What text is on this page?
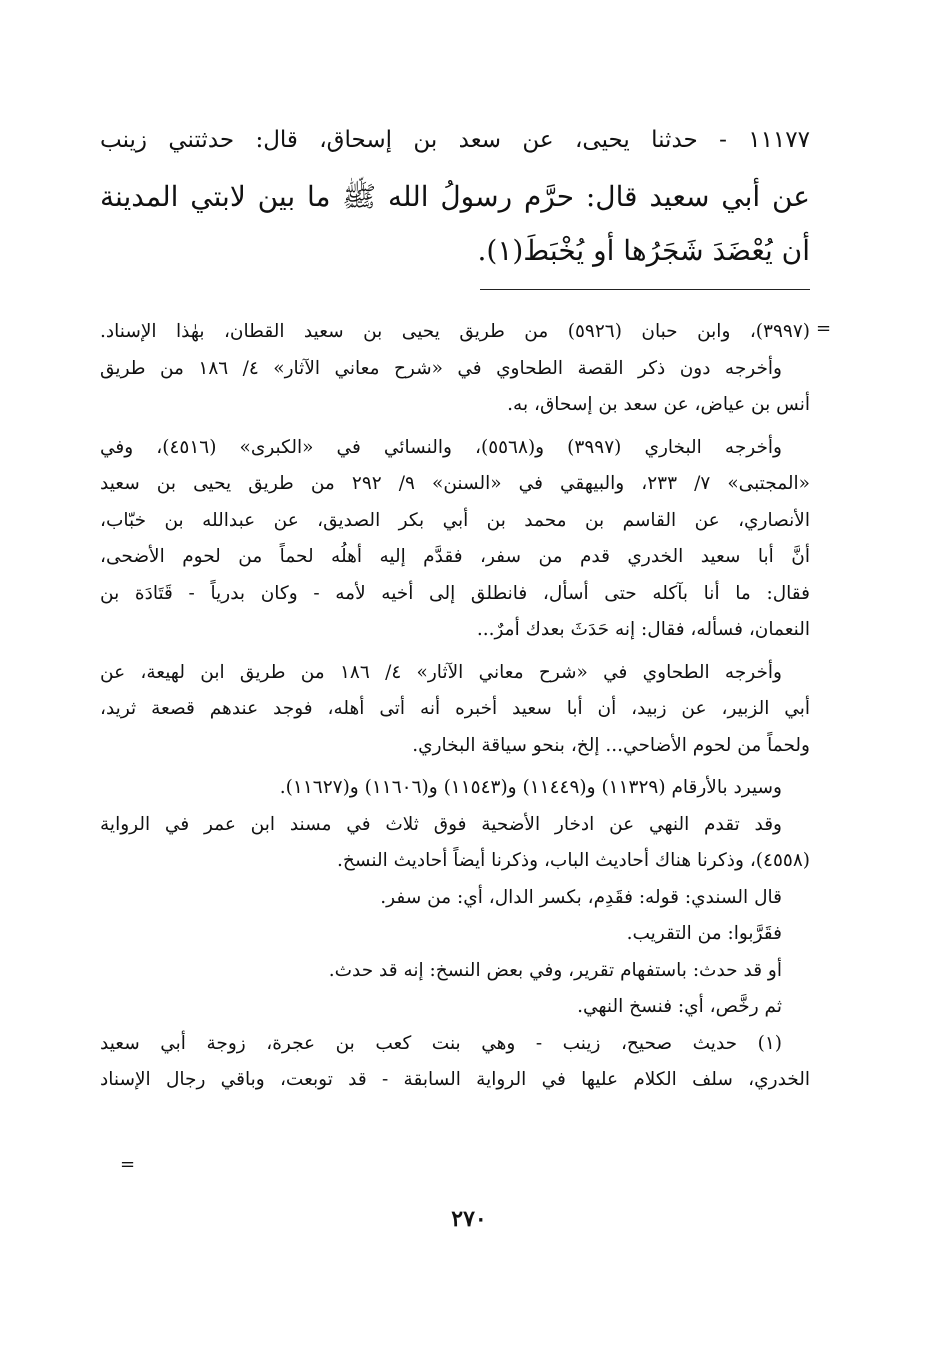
١١١٧٧ - حدثنا يحيى، عن سعد بن إسحاق، قال: حدثتني زينب
عن أبي سعيد قال: حرَّم رسولُ الله ﷺ ما بين لابتي المدينة
أن يُعْضَدَ شَجَرُها أو يُخْبَطَ(١).
=
(٣٩٩٧)، وابن حبان (٥٩٢٦) من طريق يحيى بن سعيد القطان، بهٰذا الإسناد.
وأخرجه دون ذكر القصة الطحاوي في «شرح معاني الآثار» ٤/ ١٨٦ من طريق
أنس بن عياض، عن سعد بن إسحاق، به.
وأخرجه البخاري (٣٩٩٧) و(٥٥٦٨)، والنسائي في «الكبرى» (٤٥١٦)، وفي
«المجتبى» ٧/ ٢٣٣، والبيهقي في «السنن» ٩/ ٢٩٢ من طريق يحيى بن سعيد
الأنصاري، عن القاسم بن محمد بن أبي بكر الصديق، عن عبدالله بن خبّاب،
أنَّ أبا سعيد الخدري قدم من سفر، فقدَّم إليه أهلُه لحماً من لحوم الأضحى،
فقال: ما أنا بآكله حتى أسأل، فانطلق إلى أخيه لأمه - وكان بدرياً - قَتَادَة بن
النعمان، فسأله، فقال: إنه حَدَثَ بعدك أمرٌ...
وأخرجه الطحاوي في «شرح معاني الآثار» ٤/ ١٨٦ من طريق ابن لهيعة، عن
أبي الزبير، عن زبيد، أن أبا سعيد أخبره أنه أتى أهله، فوجد عندهم قصعة ثريد،
ولحماً من لحوم الأضاحي... إلخ، بنحو سياقة البخاري.
وسيرد بالأرقام (١١٣٢٩) و(١١٤٤٩) و(١١٥٤٣) و(١١٦٠٦) و(١١٦٢٧).
وقد تقدم النهي عن ادخار الأضحية فوق ثلاث في مسند ابن عمر في الرواية
(٤٥٥٨)، وذكرنا هناك أحاديث الباب، وذكرنا أيضاً أحاديث النسخ.
قال السندي: قوله: فقَدِم، بكسر الدال، أي: من سفر.
فقَرَّبوا: من التقريب.
أو قد حدث: باستفهام تقرير، وفي بعض النسخ: إنه قد حدث.
ثم رخَّص، أي: فنسخ النهي.
(١) حديث صحيح، زينب - وهي بنت كعب بن عجرة، زوجة أبي سعيد
الخدري، سلف الكلام عليها في الرواية السابقة - قد توبعت، وباقي رجال الإسناد
=
٢٧٠
